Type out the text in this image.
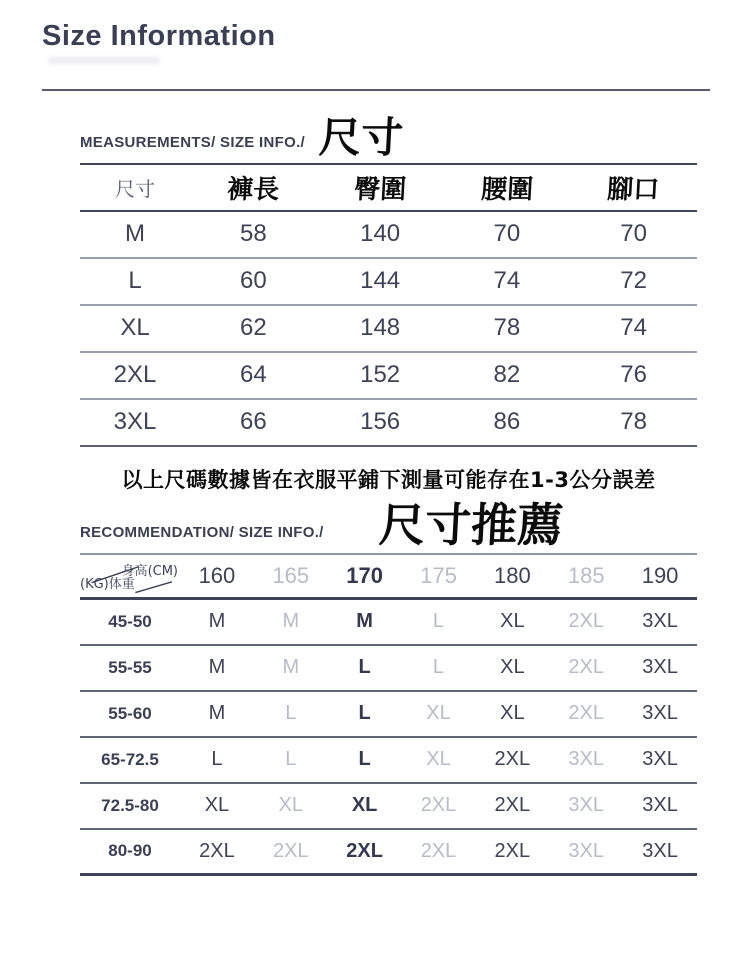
Size Information
MEASUREMENTS/ SIZE INFO./ 尺寸
尺寸	褲長	臀圍	腰圍	腳口
M	58	140	70	70
L	60	144	74	72
XL	62	148	78	74
2XL	64	152	82	76
3XL	66	156	86	78
以上尺碼數據皆在衣服平鋪下測量可能存在1-3公分誤差
RECOMMENDATION/ SIZE INFO./ 尺寸推薦
身高(CM)
(KG)体重	160	165	170	175	180	185	190
45-50	M	M	M	L	XL	2XL	3XL
55-55	M	M	L	L	XL	2XL	3XL
55-60	M	L	L	XL	XL	2XL	3XL
65-72.5	L	L	L	XL	2XL	3XL	3XL
72.5-80	XL	XL	XL	2XL	2XL	3XL	3XL
80-90	2XL	2XL	2XL	2XL	2XL	3XL	3XL
